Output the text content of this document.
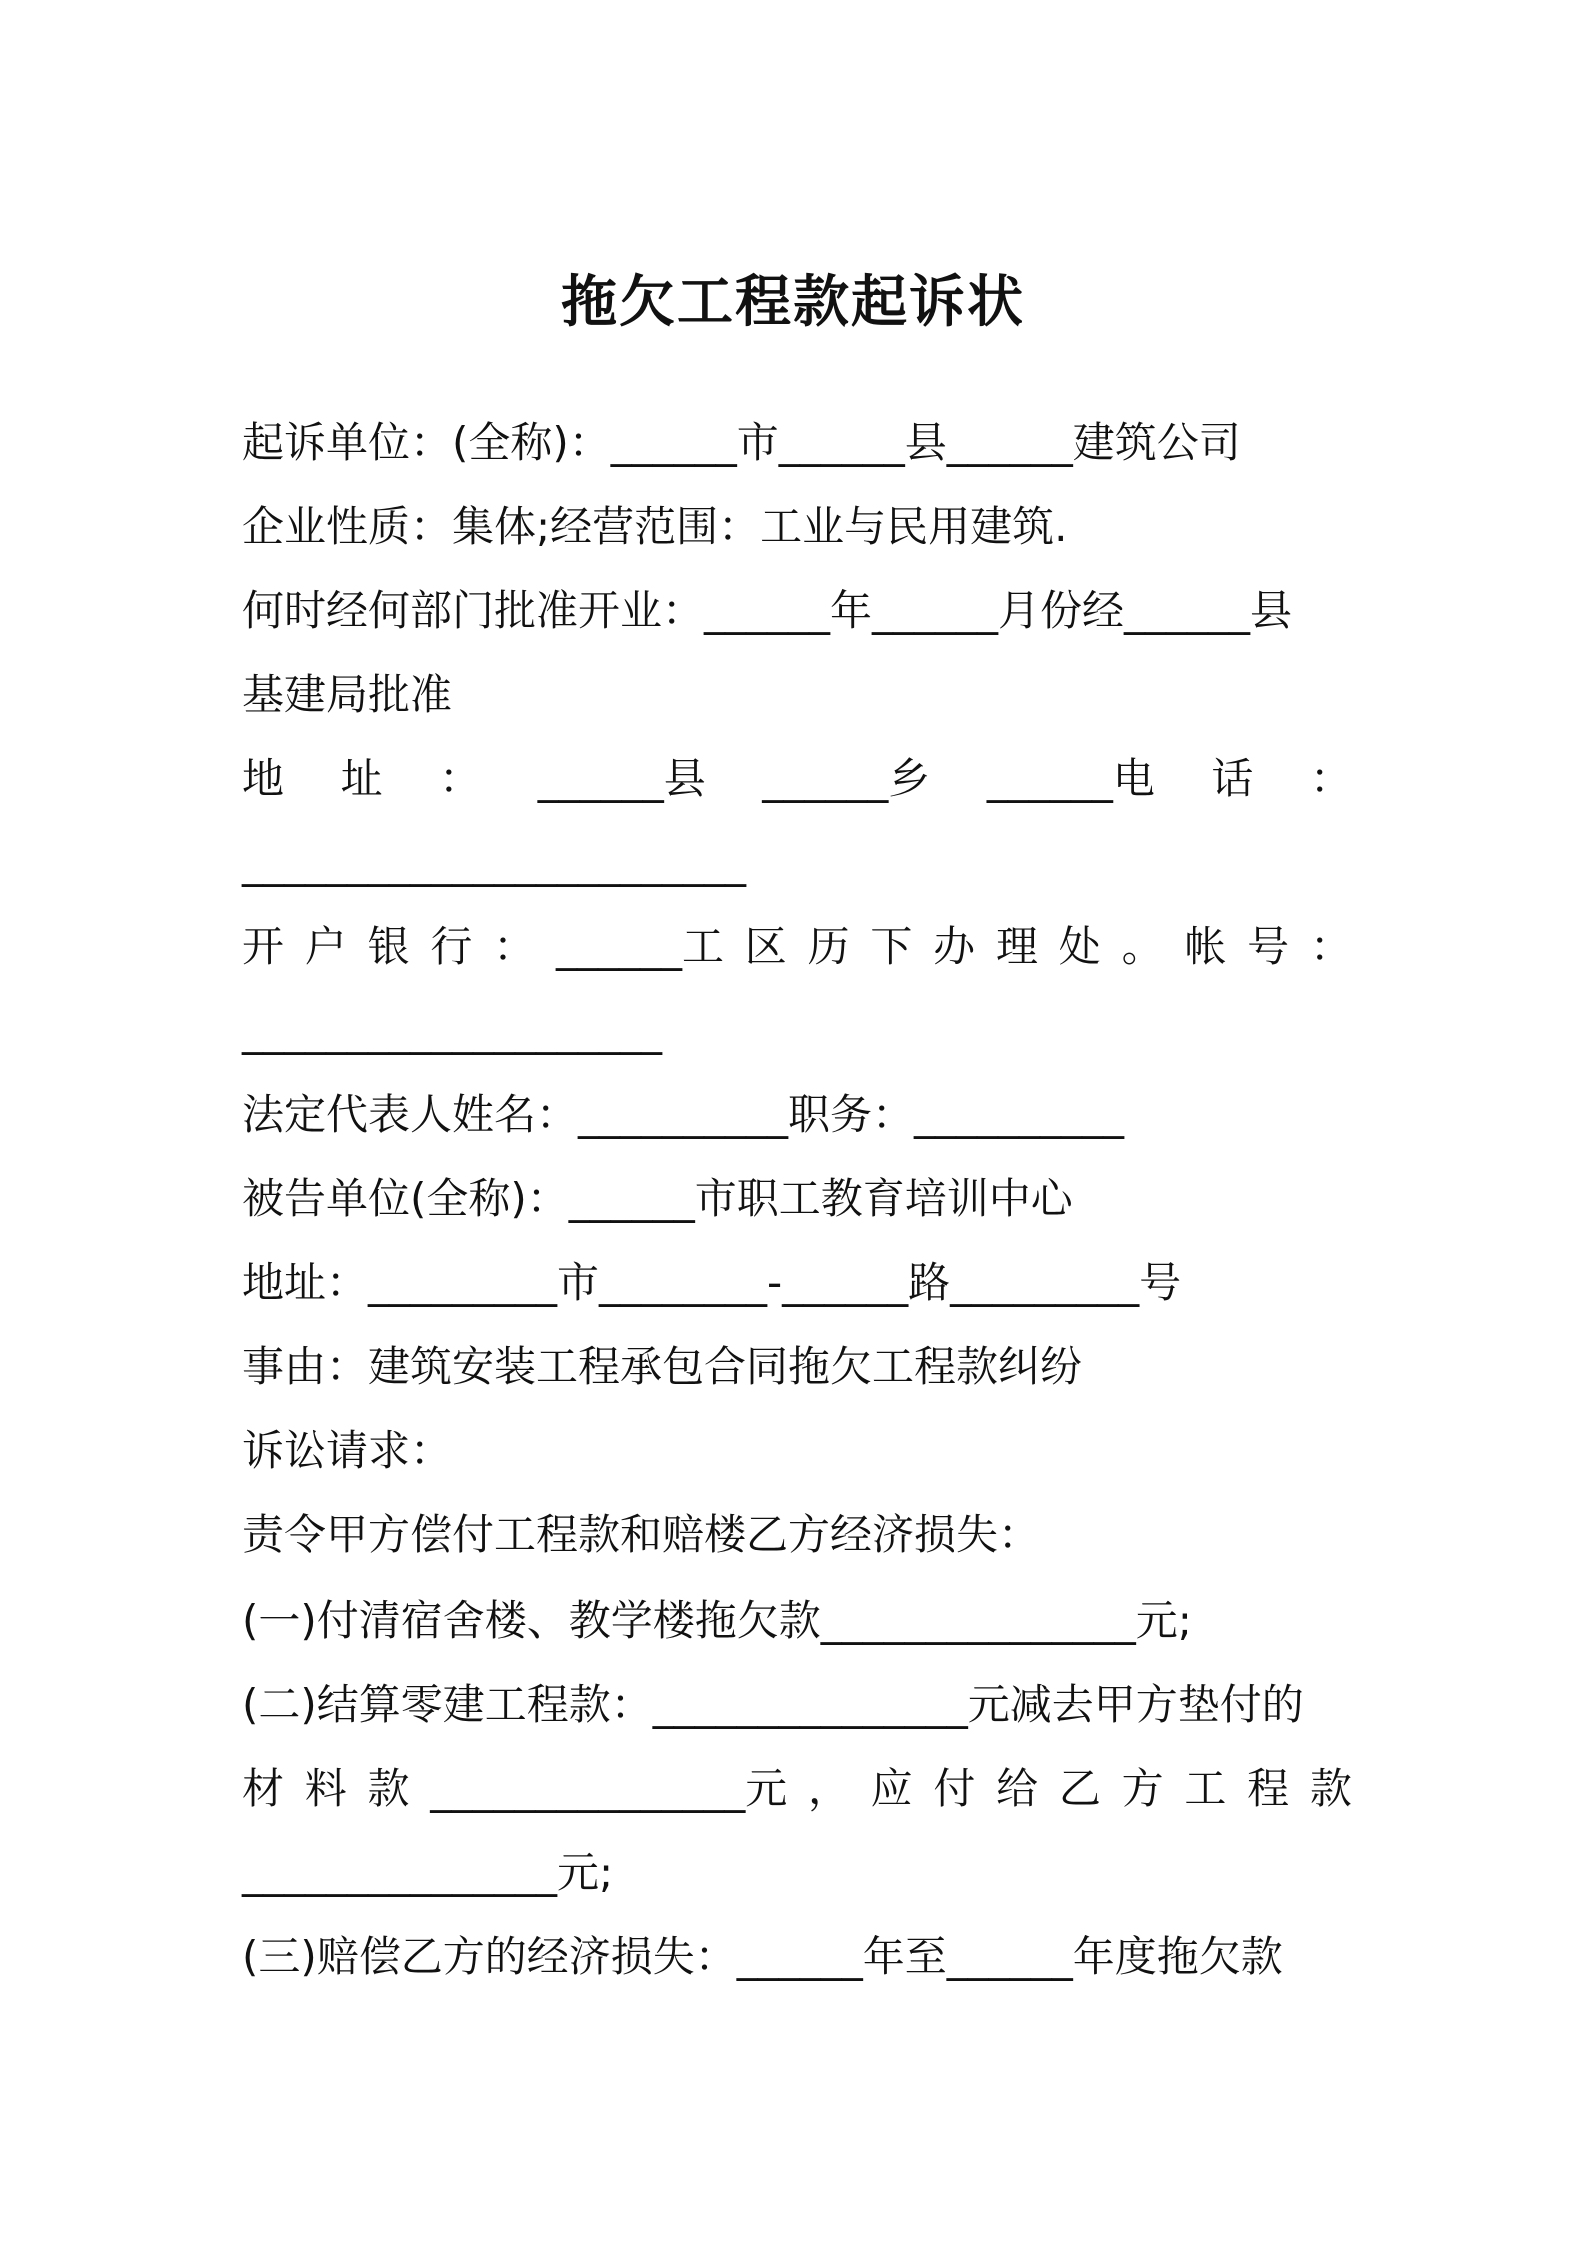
拖欠工程款起诉状

起诉单位：(全称)：______市______县______建筑公司

企业性质：集体;经营范围：工业与民用建筑.

何时经何部门批准开业：______年______月份经______县

基建局批准

地 址 ： ______县 ______乡 ______电 话 ：

________________________

开 户 银 行 ： ______工 区 历 下 办 理 处 。 帐 号 ：

____________________

法定代表人姓名：__________职务：__________

被告单位(全称)：______市职工教育培训中心

地址：_________市________-______路_________号

事由：建筑安装工程承包合同拖欠工程款纠纷

诉讼请求：

责令甲方偿付工程款和赔楼乙方经济损失：

(一)付清宿舍楼、教学楼拖欠款_______________元;

(二)结算零建工程款：_______________元减去甲方垫付的

材 料 款 _______________元 ， 应 付 给 乙 方 工 程 款

_______________元;

(三)赔偿乙方的经济损失：______年至______年度拖欠款
